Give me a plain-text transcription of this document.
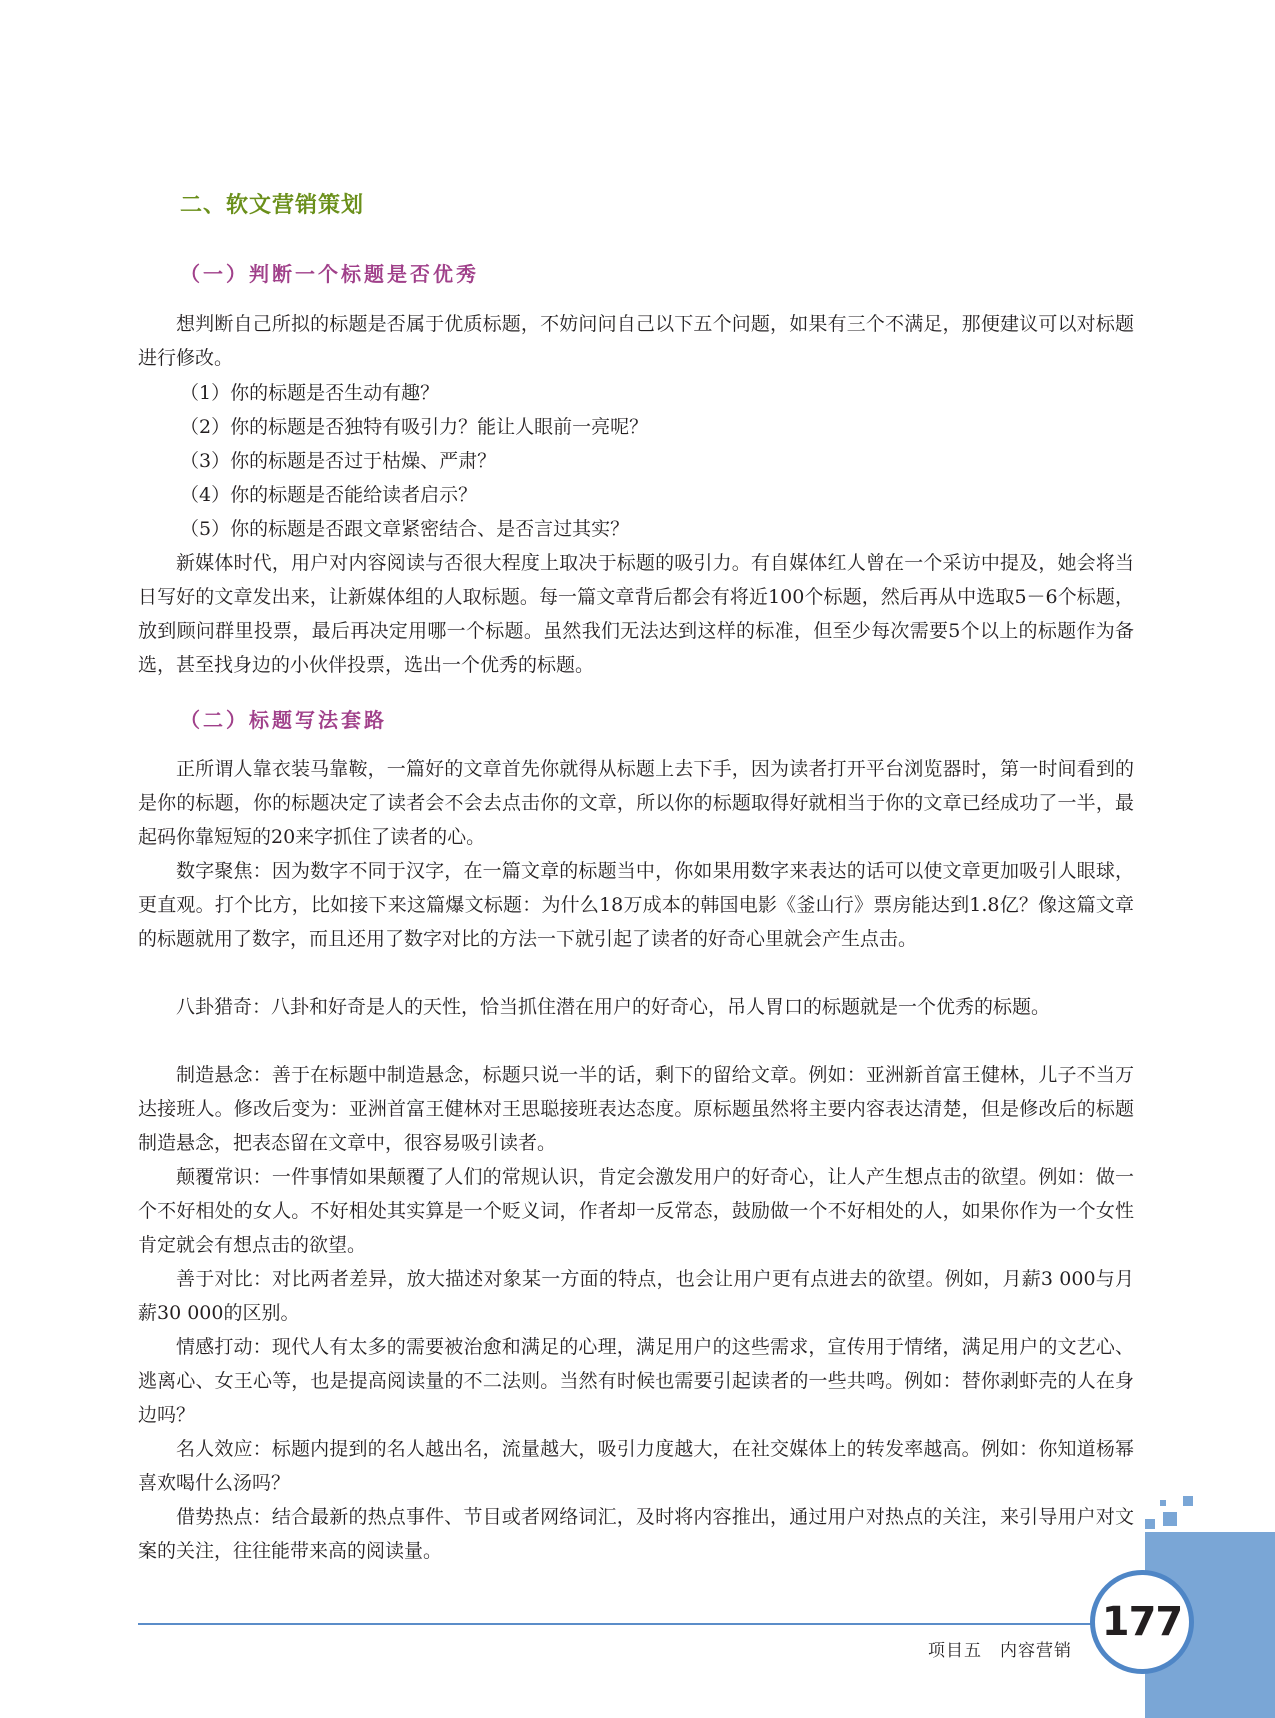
二、软文营销策划
（一）判断一个标题是否优秀

想判断自己所拟的标题是否属于优质标题，不妨问问自己以下五个问题，如果有三个不满足，那便建议可以对标题进行修改。

（1）你的标题是否生动有趣？

（2）你的标题是否独特有吸引力？能让人眼前一亮呢？

（3）你的标题是否过于枯燥、严肃？

（4）你的标题是否能给读者启示？

（5）你的标题是否跟文章紧密结合、是否言过其实？

新媒体时代，用户对内容阅读与否很大程度上取决于标题的吸引力。有自媒体红人曾在一个采访中提及，她会将当日写好的文章发出来，让新媒体组的人取标题。每一篇文章背后都会有将近100个标题，然后再从中选取5－6个标题，放到顾问群里投票，最后再决定用哪一个标题。虽然我们无法达到这样的标准，但至少每次需要5个以上的标题作为备选，甚至找身边的小伙伴投票，选出一个优秀的标题。

（二）标题写法套路

正所谓人靠衣装马靠鞍，一篇好的文章首先你就得从标题上去下手，因为读者打开平台浏览器时，第一时间看到的是你的标题，你的标题决定了读者会不会去点击你的文章，所以你的标题取得好就相当于你的文章已经成功了一半，最起码你靠短短的20来字抓住了读者的心。

数字聚焦：因为数字不同于汉字，在一篇文章的标题当中，你如果用数字来表达的话可以使文章更加吸引人眼球，更直观。打个比方，比如接下来这篇爆文标题：为什么18万成本的韩国电影《釜山行》票房能达到1.8亿？像这篇文章的标题就用了数字，而且还用了数字对比的方法一下就引起了读者的好奇心里就会产生点击。

八卦猎奇：八卦和好奇是人的天性，恰当抓住潜在用户的好奇心，吊人胃口的标题就是一个优秀的标题。

制造悬念：善于在标题中制造悬念，标题只说一半的话，剩下的留给文章。例如：亚洲新首富王健林，儿子不当万达接班人。修改后变为：亚洲首富王健林对王思聪接班表达态度。原标题虽然将主要内容表达清楚，但是修改后的标题制造悬念，把表态留在文章中，很容易吸引读者。

颠覆常识：一件事情如果颠覆了人们的常规认识，肯定会激发用户的好奇心，让人产生想点击的欲望。例如：做一个不好相处的女人。不好相处其实算是一个贬义词，作者却一反常态，鼓励做一个不好相处的人，如果你作为一个女性肯定就会有想点击的欲望。

善于对比：对比两者差异，放大描述对象某一方面的特点，也会让用户更有点进去的欲望。例如，月薪3 000与月薪30 000的区别。

情感打动：现代人有太多的需要被治愈和满足的心理，满足用户的这些需求，宣传用于情绪，满足用户的文艺心、逃离心、女王心等，也是提高阅读量的不二法则。当然有时候也需要引起读者的一些共鸣。例如：替你剥虾壳的人在身边吗？

名人效应：标题内提到的名人越出名，流量越大，吸引力度越大，在社交媒体上的转发率越高。例如：你知道杨幂喜欢喝什么汤吗？

借势热点：结合最新的热点事件、节目或者网络词汇，及时将内容推出，通过用户对热点的关注，来引导用户对文案的关注，往往能带来高的阅读量。

项目五　内容营销
177
